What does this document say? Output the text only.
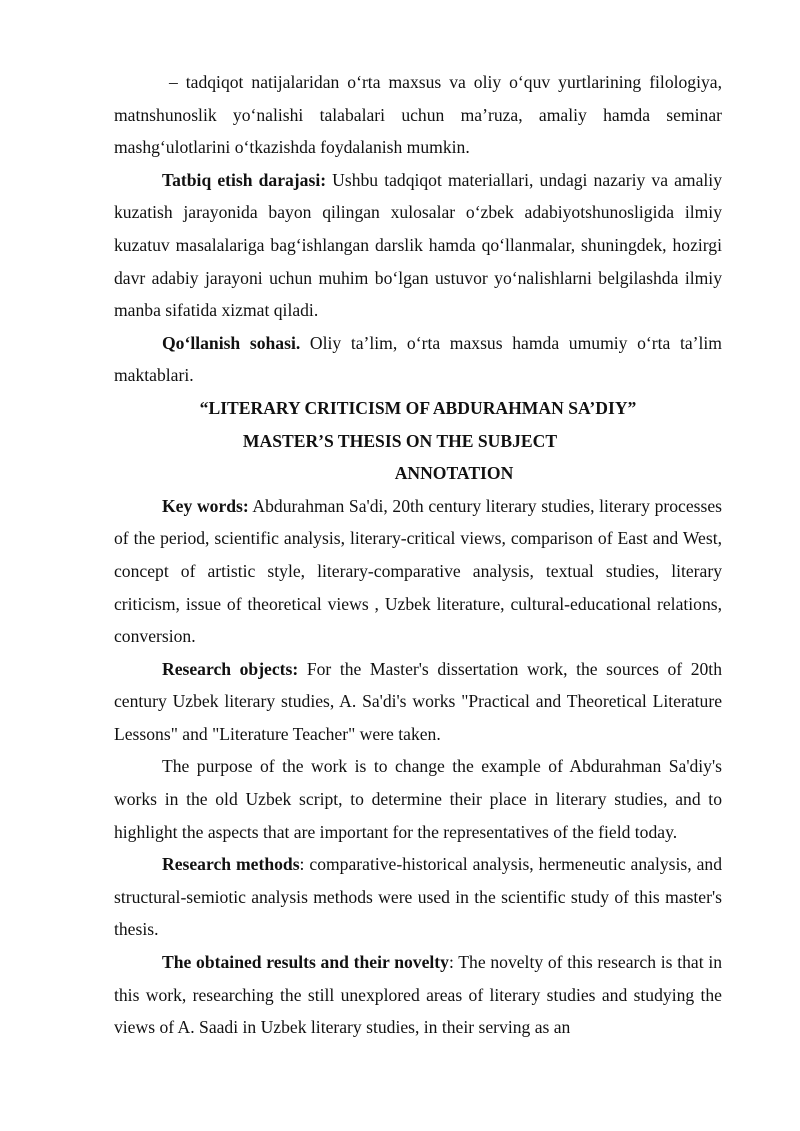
– tadqiqot natijalaridan o‘rta maxsus va oliy o‘quv yurtlarining filologiya, matnshunoslik yo‘nalishi talabalari uchun ma’ruza, amaliy hamda seminar mashg‘ulotlarini o‘tkazishda foydalanish mumkin.

Tatbiq etish darajasi: Ushbu tadqiqot materiallari, undagi nazariy va amaliy kuzatish jarayonida bayon qilingan xulosalar o‘zbek adabiyotshunosligida ilmiy kuzatuv masalalariga bag‘ishlangan darslik hamda qo‘llanmalar, shuningdek, hozirgi davr adabiy jarayoni uchun muhim bo‘lgan ustuvor yo‘nalishlarni belgilashda ilmiy manba sifatida xizmat qiladi.

Qo‘llanish sohasi. Oliy ta’lim, o‘rta maxsus hamda umumiy o‘rta ta’lim maktablari.

“LITERARY CRITICISM OF ABDURAHMAN SA’DIY”

MASTER’S THESIS ON THE SUBJECT

ANNOTATION

Key words: Abdurahman Sa'di, 20th century literary studies, literary processes of the period, scientific analysis, literary-critical views, comparison of East and West, concept of artistic style, literary-comparative analysis, textual studies, literary criticism, issue of theoretical views , Uzbek literature, cultural-educational relations, conversion.

Research objects: For the Master's dissertation work, the sources of 20th century Uzbek literary studies, A. Sa'di's works "Practical and Theoretical Literature Lessons" and "Literature Teacher" were taken.

The purpose of the work is to change the example of Abdurahman Sa'diy's works in the old Uzbek script, to determine their place in literary studies, and to highlight the aspects that are important for the representatives of the field today.

Research methods: comparative-historical analysis, hermeneutic analysis, and structural-semiotic analysis methods were used in the scientific study of this master's thesis.

The obtained results and their novelty: The novelty of this research is that in this work, researching the still unexplored areas of literary studies and studying the views of A. Saadi in Uzbek literary studies, in their serving as an
